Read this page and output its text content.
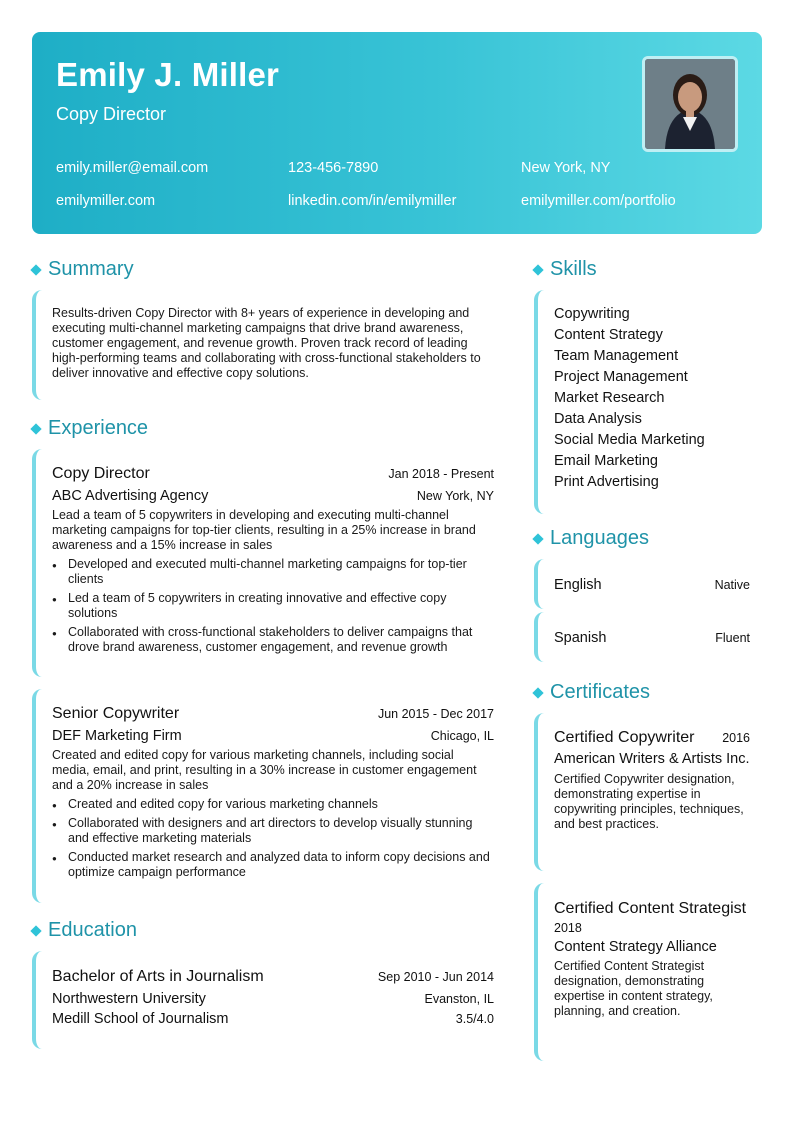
Emily J. Miller
Copy Director
emily.miller@email.com	123-456-7890	New York, NY
emilymiller.com	linkedin.com/in/emilymiller	emilymiller.com/portfolio
Summary
Results-driven Copy Director with 8+ years of experience in developing and executing multi-channel marketing campaigns that drive brand awareness, customer engagement, and revenue growth. Proven track record of leading high-performing teams and collaborating with cross-functional stakeholders to deliver innovative and effective copy solutions.
Experience
Copy Director	Jan 2018 - Present
ABC Advertising Agency	New York, NY
Lead a team of 5 copywriters in developing and executing multi-channel marketing campaigns for top-tier clients, resulting in a 25% increase in brand awareness and a 15% increase in sales
● Developed and executed multi-channel marketing campaigns for top-tier clients
● Led a team of 5 copywriters in creating innovative and effective copy solutions
● Collaborated with cross-functional stakeholders to deliver campaigns that drove brand awareness, customer engagement, and revenue growth
Senior Copywriter	Jun 2015 - Dec 2017
DEF Marketing Firm	Chicago, IL
Created and edited copy for various marketing channels, including social media, email, and print, resulting in a 30% increase in customer engagement and a 20% increase in sales
● Created and edited copy for various marketing channels
● Collaborated with designers and art directors to develop visually stunning and effective marketing materials
● Conducted market research and analyzed data to inform copy decisions and optimize campaign performance
Education
Bachelor of Arts in Journalism	Sep 2010 - Jun 2014
Northwestern University	Evanston, IL
Medill School of Journalism	3.5/4.0
Skills
Copywriting
Content Strategy
Team Management
Project Management
Market Research
Data Analysis
Social Media Marketing
Email Marketing
Print Advertising
Languages
English	Native
Spanish	Fluent
Certificates
Certified Copywriter 2016
American Writers & Artists Inc.
Certified Copywriter designation, demonstrating expertise in copywriting principles, techniques, and best practices.
Certified Content Strategist
2018
Content Strategy Alliance
Certified Content Strategist designation, demonstrating expertise in content strategy, planning, and creation.
